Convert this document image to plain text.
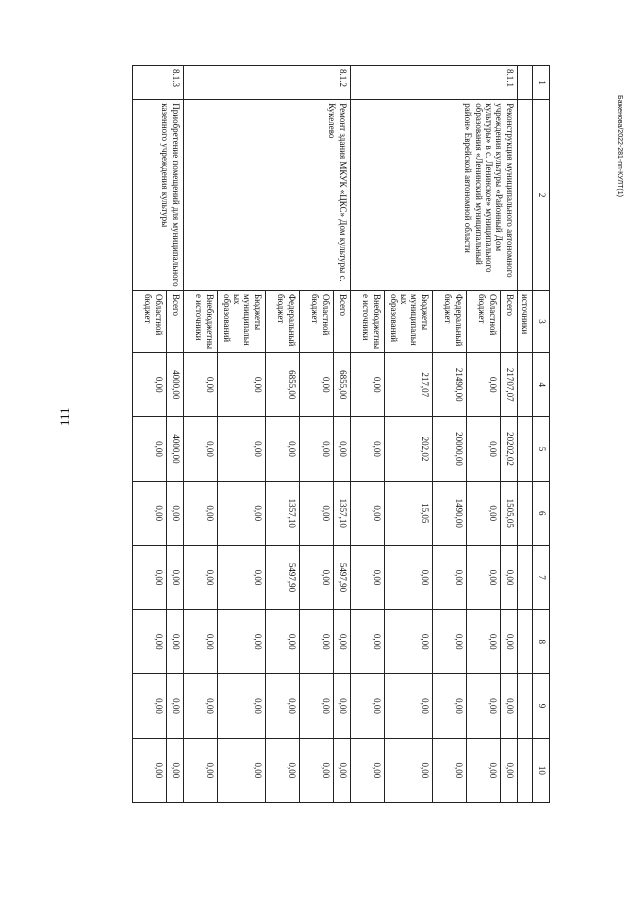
111
Баженова/2022-281-пп-КУЛТ(1)
1	2	3	4	5	6	7	8	9	10
		источники							
8.1.1	Реконструкция муниципального автономного учреждения культуры «Районный Дом культуры» в с. Ленинское» муниципального образования «Ленинский муниципальный район» Еврейской автономной области	Всего	21707,07	20202,02	1505,05	0,00	0,00	0,00	0,00
		Областной бюджет	0,00	0,00	0,00	0,00	0,00	0,00	0,00
		Федеральный бюджет	21490,00	20000,00	1490,00	0,00	0,00	0,00	0,00
		Бюджеты муниципальных образований	217,07	202,02	15,05	0,00	0,00	0,00	0,00
		Внебюджетные источники	0,00	0,00	0,00	0,00	0,00	0,00	0,00
8.1.2	Ремонт здания МКУК «ЦКС» Дом культуры с. Кукелево	Всего	6855,00	0,00	1357,10	5497,90	0,00	0,00	0,00
		Областной бюджет	0,00	0,00	0,00	0,00	0,00	0,00	0,00
		Федеральный бюджет	6855,00	0,00	1357,10	5497,90	0,00	0,00	0,00
		Бюджеты муниципальных образований	0,00	0,00	0,00	0,00	0,00	0,00	0,00
		Внебюджетные источники	0,00	0,00	0,00	0,00	0,00	0,00	0,00
8.1.3	Приобретение помещений для муниципального казенного учреждения культуры	Всего	4000,00	4000,00	0,00	0,00	0,00	0,00	0,00
		Областной бюджет	0,00	0,00	0,00	0,00	0,00	0,00	0,00
